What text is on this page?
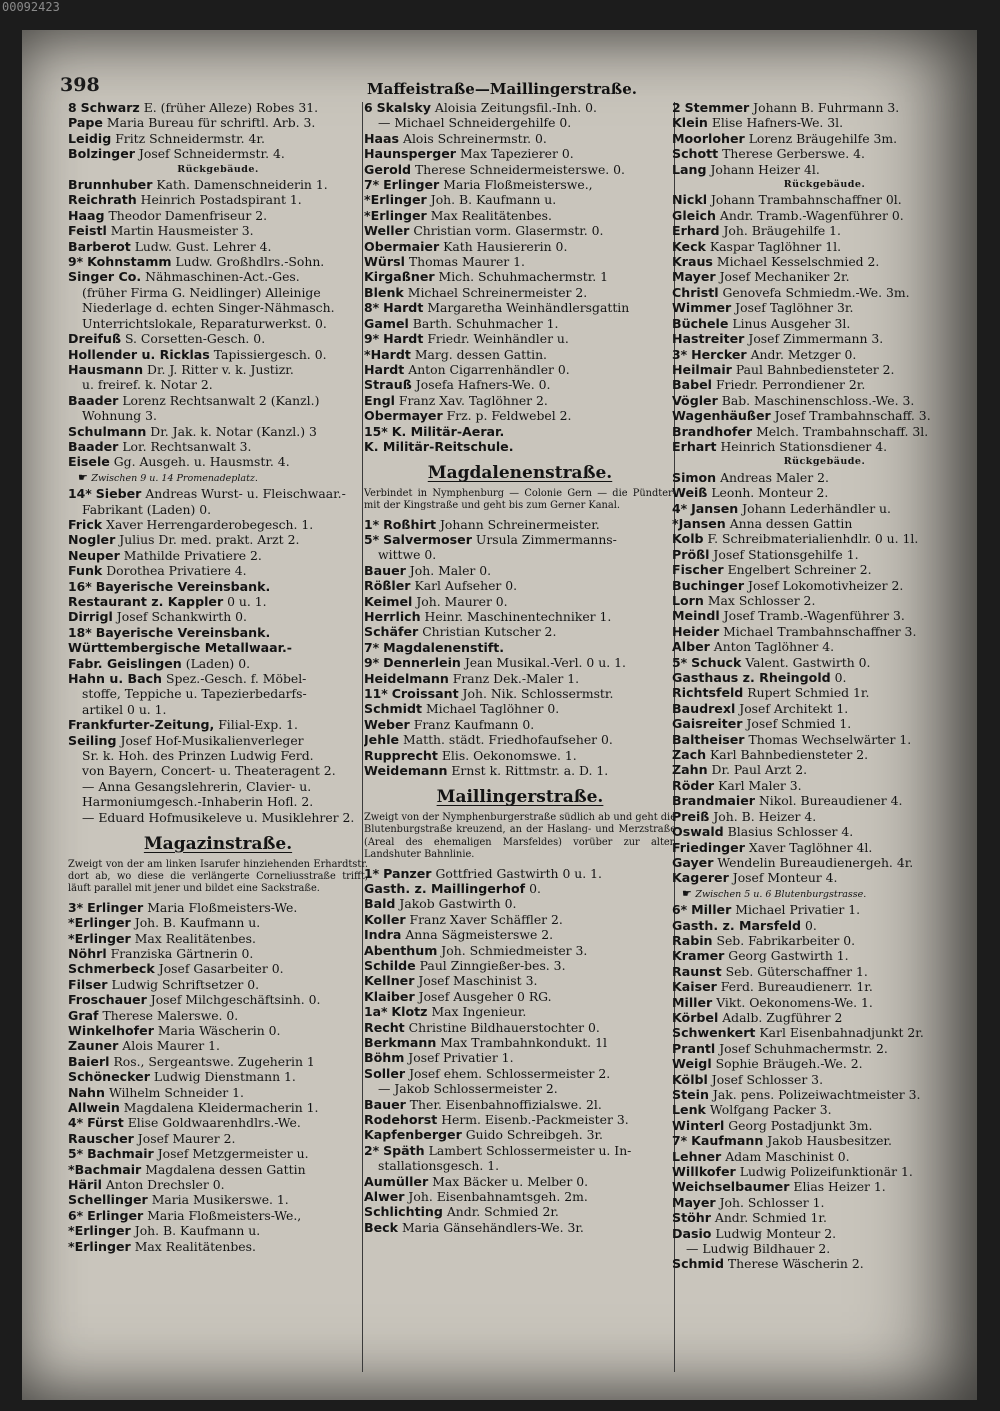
398	Maffeistraße—Maillingerstraße.
8 Schwarz E. (früher Alleze) Robes 31.
Pape Maria Bureau für schriftl. Arb. 3.
Leidig Fritz Schneidermstr. 4r.
Bolzinger Josef Schneidermstr. 4.
Rückgebäude.
Brunnhuber Kath. Damenschneiderin 1.
Reichrath Heinrich Postadspirant 1.
Haag Theodor Damenfriseur 2.
Feistl Martin Hausmeister 3.
Barberot Ludw. Gust. Lehrer 4.
9* Kohnstamm Ludw. Großhdlrs.-Sohn.
Singer Co. Nähmaschinen-Act.-Ges.
(früher Firma G. Neidlinger) Alleinige
Niederlage d. echten Singer-Nähmasch.
Unterrichtslokale, Reparaturwerkst. 0.
Dreifuß S. Corsetten-Gesch. 0.
Hollender u. Ricklas Tapissiergesch. 0.
Hausmann Dr. J. Ritter v. k. Justizr.
u. freiref. k. Notar 2.
Baader Lorenz Rechtsanwalt 2 (Kanzl.)
Wohnung 3.
Schulmann Dr. Jak. k. Notar (Kanzl.) 3
Baader Lor. Rechtsanwalt 3.
Eisele Gg. Ausgeh. u. Hausmstr. 4.
☛ Zwischen 9 u. 14 Promenadeplatz.
14* Sieber Andreas Wurst- u. Fleischwaar.-
Fabrikant (Laden) 0.
Frick Xaver Herrengarderobegesch. 1.
Nogler Julius Dr. med. prakt. Arzt 2.
Neuper Mathilde Privatiere 2.
Funk Dorothea Privatiere 4.
16* Bayerische Vereinsbank.
Restaurant z. Kappler 0 u. 1.
Dirrigl Josef Schankwirth 0.
18* Bayerische Vereinsbank.
Württembergische Metallwaar.-
Fabr. Geislingen (Laden) 0.
Hahn u. Bach Spez.-Gesch. f. Möbel-
stoffe, Teppiche u. Tapezierbedarfs-
artikel 0 u. 1.
Frankfurter-Zeitung, Filial-Exp. 1.
Seiling Josef Hof-Musikalienverleger
Sr. k. Hoh. des Prinzen Ludwig Ferd.
von Bayern, Concert- u. Theateragent 2.
— Anna Gesangslehrerin, Clavier- u.
Harmoniumgesch.-Inhaberin Hofl. 2.
— Eduard Hofmusikeleve u. Musiklehrer 2.
Magazinstraße.
Zweigt von der am linken Isarufer hinziehenden Erhardtstr. dort ab, wo diese die verlängerte Corneliusstraße trifft, läuft parallel mit jener und bildet eine Sackstraße.
3* Erlinger Maria Floßmeisters-We.
*Erlinger Joh. B. Kaufmann u.
*Erlinger Max Realitätenbes.
Nöhrl Franziska Gärtnerin 0.
Schmerbeck Josef Gasarbeiter 0.
Filser Ludwig Schriftsetzer 0.
Froschauer Josef Milchgeschäftsinh. 0.
Graf Therese Malerswe. 0.
Winkelhofer Maria Wäscherin 0.
Zauner Alois Maurer 1.
Baierl Ros., Sergeantswe. Zugeherin 1
Schönecker Ludwig Dienstmann 1.
Nahn Wilhelm Schneider 1.
Allwein Magdalena Kleidermacherin 1.
4* Fürst Elise Goldwaarenhdlrs.-We.
Rauscher Josef Maurer 2.
5* Bachmair Josef Metzgermeister u.
*Bachmair Magdalena dessen Gattin
Häril Anton Drechsler 0.
Schellinger Maria Musikerswe. 1.
6* Erlinger Maria Floßmeisters-We.,
*Erlinger Joh. B. Kaufmann u.
*Erlinger Max Realitätenbes.
6 Skalsky Aloisia Zeitungsfil.-Inh. 0.
— Michael Schneidergehilfe 0.
Haas Alois Schreinermstr. 0.
Haunsperger Max Tapezierer 0.
Gerold Therese Schneidermeisterswe. 0.
7* Erlinger Maria Floßmeisterswe.,
*Erlinger Joh. B. Kaufmann u.
*Erlinger Max Realitätenbes.
Weller Christian vorm. Glasermstr. 0.
Obermaier Kath Hausiererin 0.
Würsl Thomas Maurer 1.
Kirgaßner Mich. Schuhmachermstr. 1
Blenk Michael Schreinermeister 2.
8* Hardt Margaretha Weinhändlersgattin
Gamel Barth. Schuhmacher 1.
9* Hardt Friedr. Weinhändler u.
*Hardt Marg. dessen Gattin.
Hardt Anton Cigarrenhändler 0.
Strauß Josefa Hafners-We. 0.
Engl Franz Xav. Taglöhner 2.
Obermayer Frz. p. Feldwebel 2.
15* K. Militär-Aerar.
K. Militär-Reitschule.
Magdalenenstraße.
Verbindet in Nymphenburg — Colonie Gern — die Pündter- mit der Kingstraße und geht bis zum Gerner Kanal.
1* Roßhirt Johann Schreinermeister.
5* Salvermoser Ursula Zimmermanns-
wittwe 0.
Bauer Joh. Maler 0.
Rößler Karl Aufseher 0.
Keimel Joh. Maurer 0.
Herrlich Heinr. Maschinentechniker 1.
Schäfer Christian Kutscher 2.
7* Magdalenenstift.
9* Dennerlein Jean Musikal.-Verl. 0 u. 1.
Heidelmann Franz Dek.-Maler 1.
11* Croissant Joh. Nik. Schlossermstr.
Schmidt Michael Taglöhner 0.
Weber Franz Kaufmann 0.
Jehle Matth. städt. Friedhofaufseher 0.
Rupprecht Elis. Oekonomswe. 1.
Weidemann Ernst k. Rittmstr. a. D. 1.
Maillingerstraße.
Zweigt von der Nymphenburgerstraße südlich ab und geht die Blutenburgstraße kreuzend, an der Haslang- und Merzstraße (Areal des ehemaligen Marsfeldes) vorüber zur alten Landshuter Bahnlinie.
1* Panzer Gottfried Gastwirth 0 u. 1.
Gasth. z. Maillingerhof 0.
Bald Jakob Gastwirth 0.
Koller Franz Xaver Schäffler 2.
Indra Anna Sägmeisterswe 2.
Abenthum Joh. Schmiedmeister 3.
Schilde Paul Zinngießer-bes. 3.
Kellner Josef Maschinist 3.
Klaiber Josef Ausgeher 0 RG.
1a* Klotz Max Ingenieur.
Recht Christine Bildhauerstochter 0.
Berkmann Max Trambahnkondukt. 1l
Böhm Josef Privatier 1.
Soller Josef ehem. Schlossermeister 2.
— Jakob Schlossermeister 2.
Bauer Ther. Eisenbahnoffizialswe. 2l.
Rodehorst Herm. Eisenb.-Packmeister 3.
Kapfenberger Guido Schreibgeh. 3r.
2* Späth Lambert Schlossermeister u. In-
stallationsgesch. 1.
Aumüller Max Bäcker u. Melber 0.
Alwer Joh. Eisenbahnamtsgeh. 2m.
Schlichting Andr. Schmied 2r.
Beck Maria Gänsehändlers-We. 3r.
2 Stemmer Johann B. Fuhrmann 3.
Klein Elise Hafners-We. 3l.
Moorloher Lorenz Bräugehilfe 3m.
Schott Therese Gerberswe. 4.
Lang Johann Heizer 4l.
Rückgebäude.
Nickl Johann Trambahnschaffner 0l.
Gleich Andr. Tramb.-Wagenführer 0.
Erhard Joh. Bräugehilfe 1.
Keck Kaspar Taglöhner 1l.
Kraus Michael Kesselschmied 2.
Mayer Josef Mechaniker 2r.
Christl Genovefa Schmiedm.-We. 3m.
Wimmer Josef Taglöhner 3r.
Büchele Linus Ausgeher 3l.
Hastreiter Josef Zimmermann 3.
3* Hercker Andr. Metzger 0.
Heilmair Paul Bahnbediensteter 2.
Babel Friedr. Perrondiener 2r.
Vögler Bab. Maschinenschloss.-We. 3.
Wagenhäußer Josef Trambahnschaff. 3.
Brandhofer Melch. Trambahnschaff. 3l.
Erhart Heinrich Stationsdiener 4.
Rückgebäude.
Simon Andreas Maler 2.
Weiß Leonh. Monteur 2.
4* Jansen Johann Lederhändler u.
*Jansen Anna dessen Gattin
Kolb F. Schreibmaterialienhdlr. 0 u. 1l.
Prößl Josef Stationsgehilfe 1.
Fischer Engelbert Schreiner 2.
Buchinger Josef Lokomotivheizer 2.
Lorn Max Schlosser 2.
Meindl Josef Tramb.-Wagenführer 3.
Heider Michael Trambahnschaffner 3.
Alber Anton Taglöhner 4.
5* Schuck Valent. Gastwirth 0.
Gasthaus z. Rheingold 0.
Richtsfeld Rupert Schmied 1r.
Baudrexl Josef Architekt 1.
Gaisreiter Josef Schmied 1.
Baltheiser Thomas Wechselwärter 1.
Zach Karl Bahnbediensteter 2.
Zahn Dr. Paul Arzt 2.
Röder Karl Maler 3.
Brandmaier Nikol. Bureaudiener 4.
Preiß Joh. B. Heizer 4.
Oswald Blasius Schlosser 4.
Friedinger Xaver Taglöhner 4l.
Gayer Wendelin Bureaudienergeh. 4r.
Kagerer Josef Monteur 4.
☛ Zwischen 5 u. 6 Blutenburgstrasse.
6* Miller Michael Privatier 1.
Gasth. z. Marsfeld 0.
Rabin Seb. Fabrikarbeiter 0.
Kramer Georg Gastwirth 1.
Raunst Seb. Güterschaffner 1.
Kaiser Ferd. Bureaudienerr. 1r.
Miller Vikt. Oekonomens-We. 1.
Körbel Adalb. Zugführer 2
Schwenkert Karl Eisenbahnadjunkt 2r.
Prantl Josef Schuhmachermstr. 2.
Weigl Sophie Bräugeh.-We. 2.
Kölbl Josef Schlosser 3.
Stein Jak. pens. Polizeiwachtmeister 3.
Lenk Wolfgang Packer 3.
Winterl Georg Postadjunkt 3m.
7* Kaufmann Jakob Hausbesitzer.
Lehner Adam Maschinist 0.
Willkofer Ludwig Polizeifunktionär 1.
Weichselbaumer Elias Heizer 1.
Mayer Joh. Schlosser 1.
Stöhr Andr. Schmied 1r.
Dasio Ludwig Monteur 2.
— Ludwig Bildhauer 2.
Schmid Therese Wäscherin 2.
00092423
